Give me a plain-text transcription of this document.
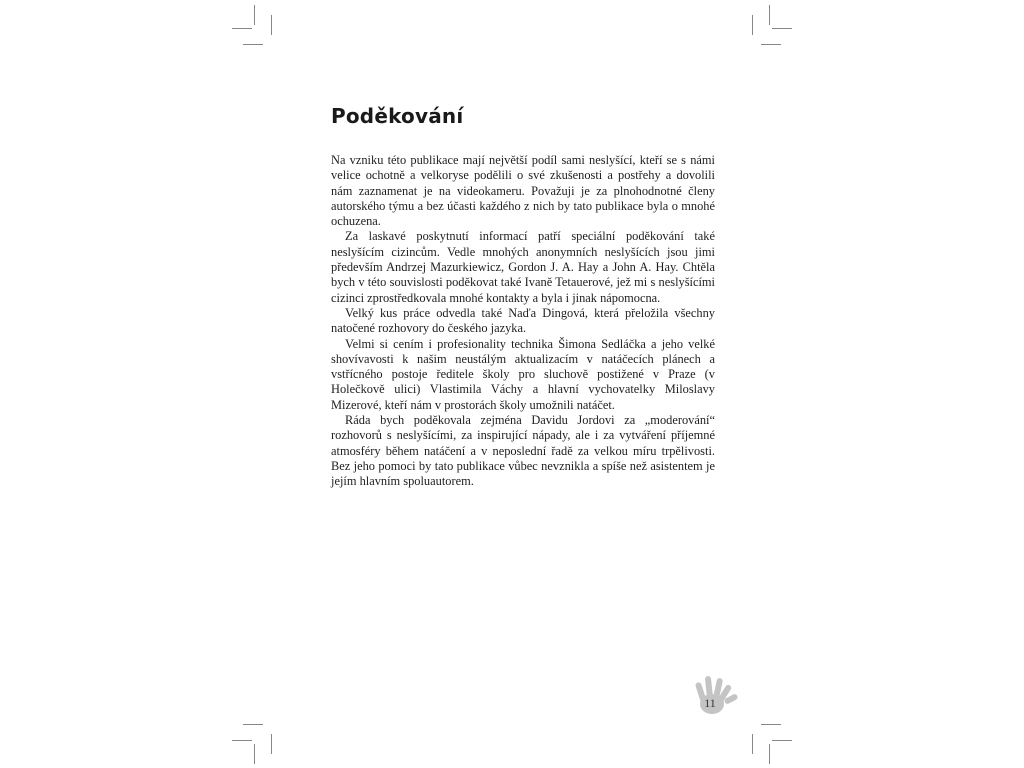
Poděkování

Na vzniku této publikace mají největší podíl sami neslyšící, kteří se s námi velice ochotně a velkoryse podělili o své zkušenosti a postřehy a dovolili nám zaznamenat je na videokameru. Považuji je za plnohodnotné členy autorského týmu a bez účasti každého z nich by tato publikace byla o mnohé ochuzena.

Za laskavé poskytnutí informací patří speciální poděkování také neslyšícím cizincům. Vedle mnohých anonymních neslyšících jsou jimi především Andrzej Mazurkiewicz, Gordon J. A. Hay a John A. Hay. Chtěla bych v této souvislosti poděkovat také Ivaně Tetauerové, jež mi s neslyšícími cizinci zprostředkovala mnohé kontakty a byla i jinak nápomocna.

Velký kus práce odvedla také Naďa Dingová, která přeložila všechny natočené rozhovory do českého jazyka.

Velmi si cením i profesionality technika Šimona Sedláčka a jeho velké shovívavosti k našim neustálým aktualizacím v natáčecích plánech a vstřícného postoje ředitele školy pro sluchově postižené v Praze (v Holečkově ulici) Vlastimila Váchy a hlavní vychovatelky Miloslavy Mizerové, kteří nám v prostorách školy umožnili natáčet.

Ráda bych poděkovala zejména Davidu Jordovi za „moderování“ rozhovorů s neslyšícími, za inspirující nápady, ale i za vytváření příjemné atmosféry během natáčení a v neposlední řadě za velkou míru trpělivosti. Bez jeho pomoci by tato publikace vůbec nevznikla a spíše než asistentem je jejím hlavním spoluautorem.

11
